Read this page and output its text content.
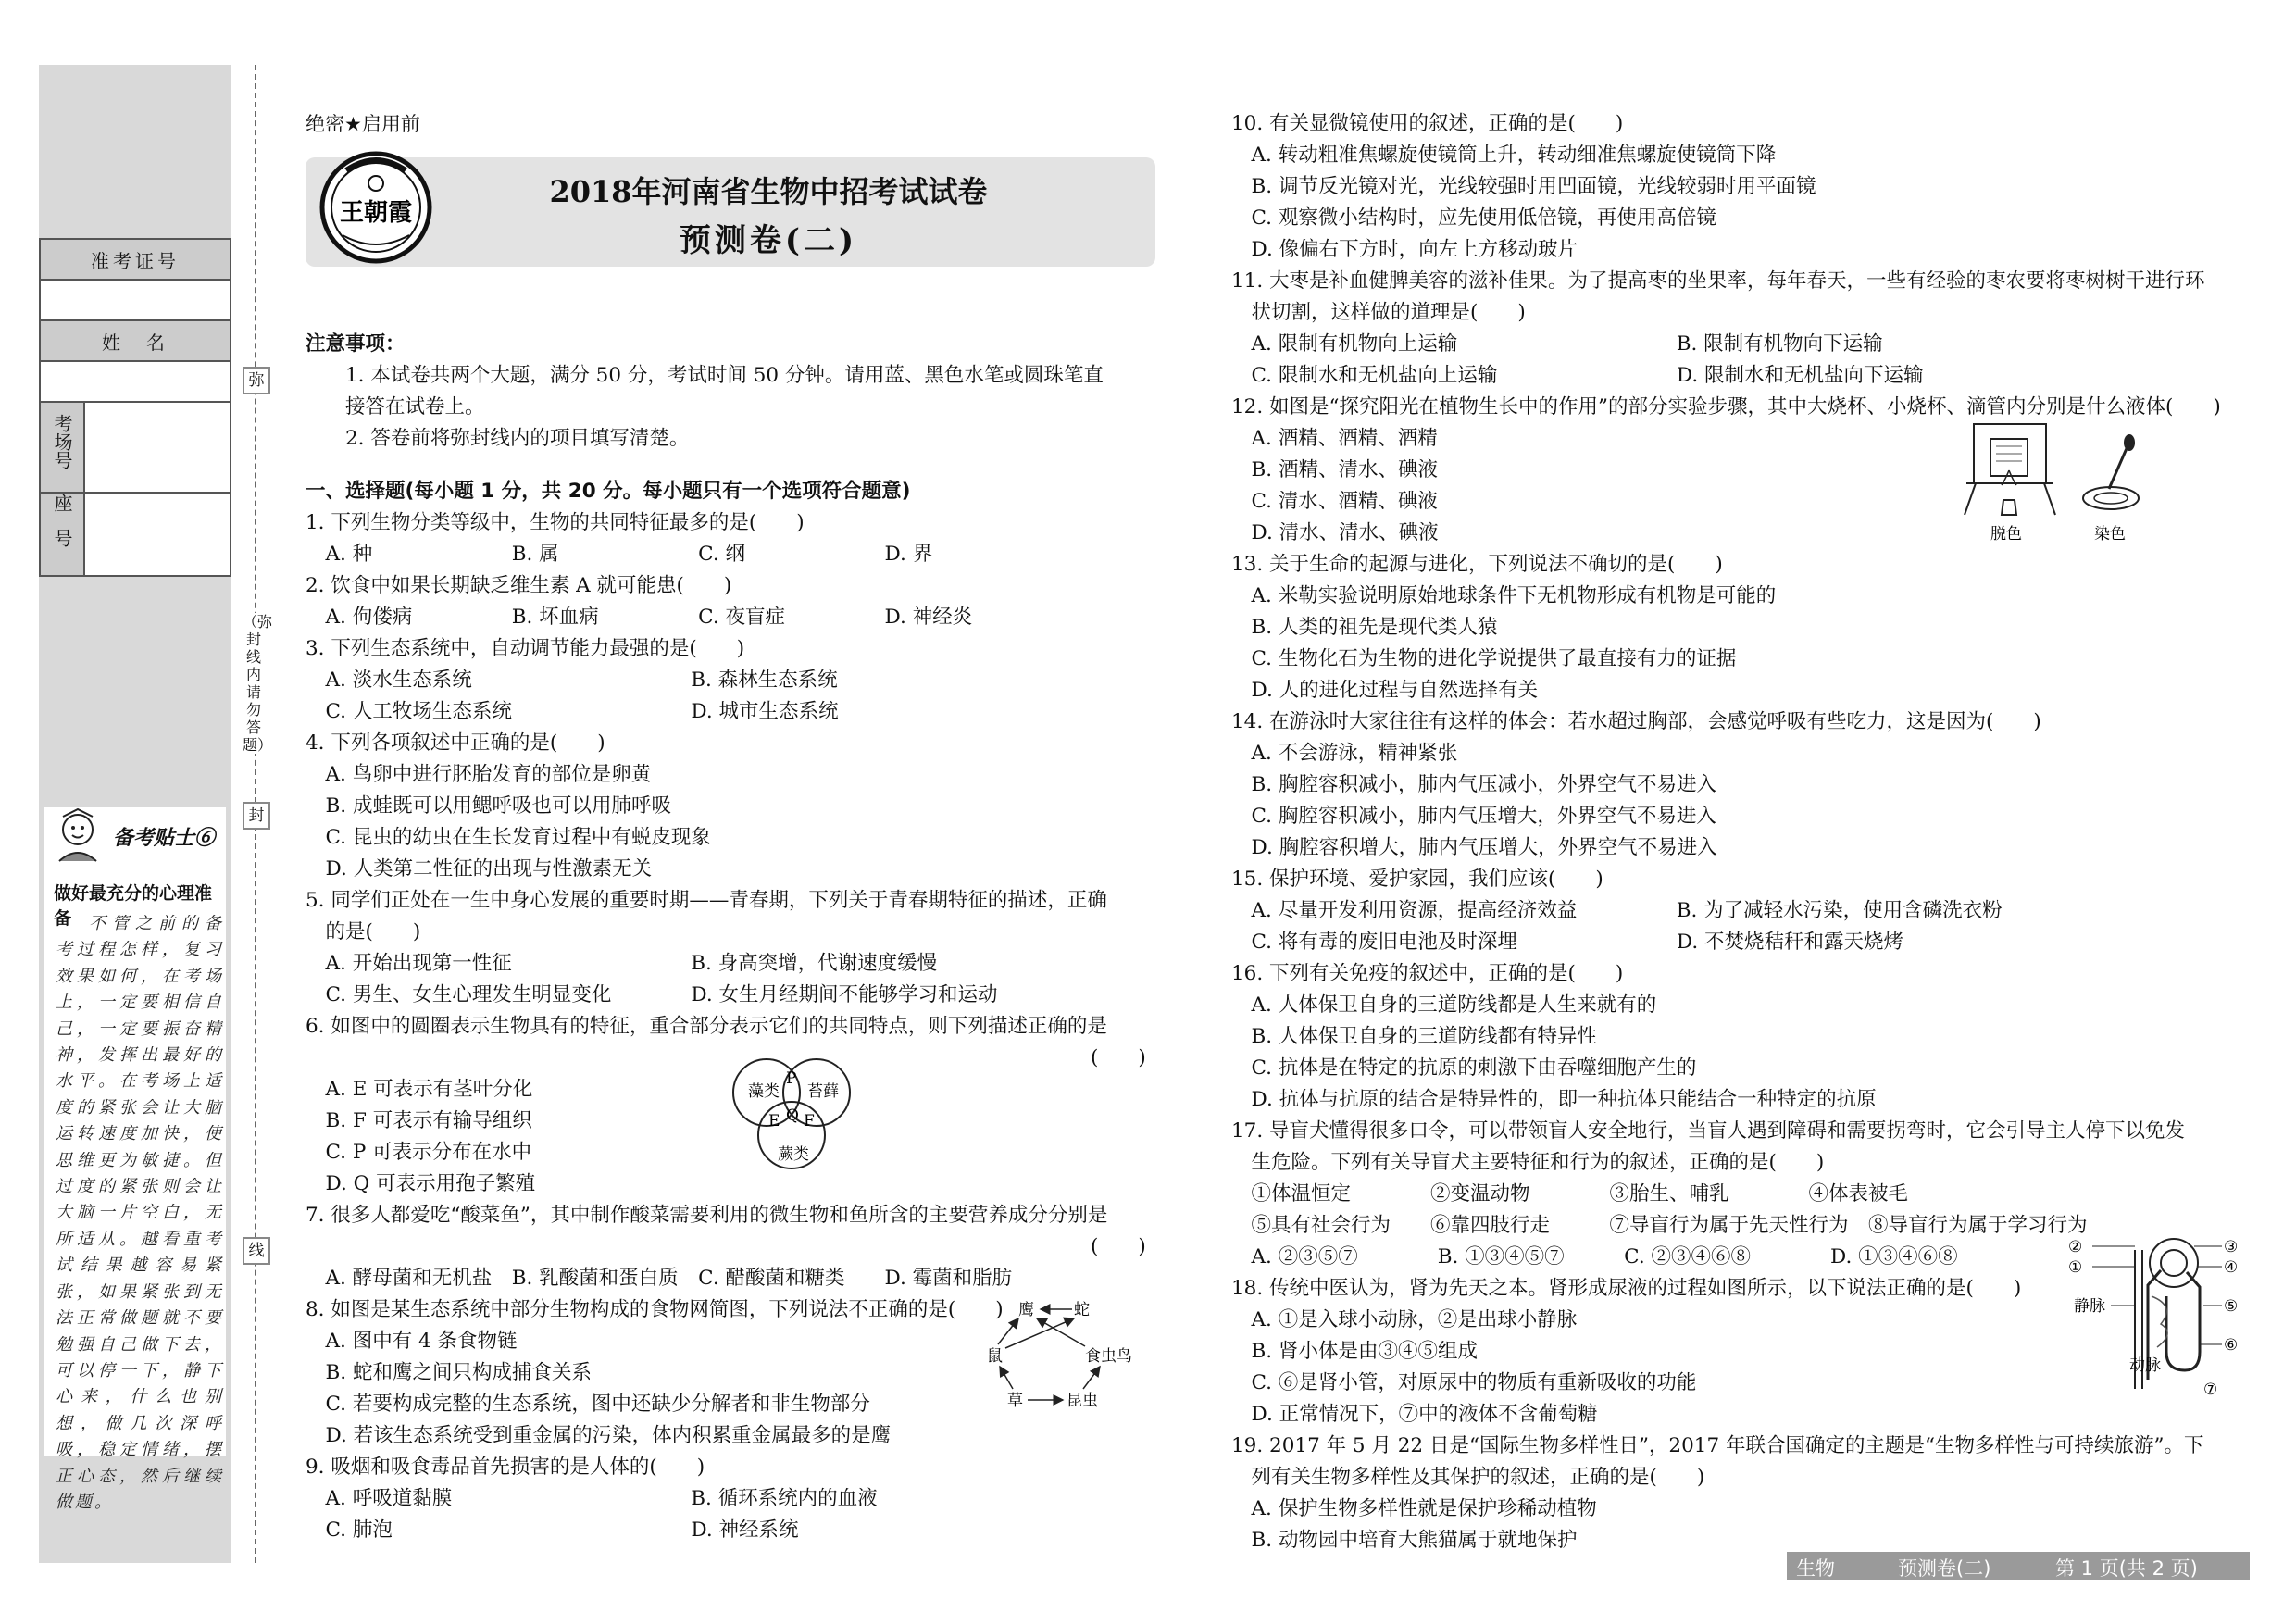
准考证号	

姓　名	

考场号	
座号	
备考贴士⑥
做好最充分的心理准备	不管之前的备考过程怎样，复习效果如何，在考场上，一定要相信自己，一定要振奋精神，发挥出最好的水平。在考场上适度的紧张会让大脑运转速度加快，使思维更为敏捷。但过度的紧张则会让大脑一片空白，无所适从。越看重考试结果越容易紧张，如果紧张到无法正常做题就不要勉强自己做下去，可以停一下，静下心来，什么也别想，做几次深呼吸，稳定情绪，摆正心态，然后继续做题。
弥
封
线
（弥封线内请勿答题）
绝密★启用前
王朝霞
2018年河南省生物中招考试试卷
预测卷(二)
注意事项：
　　1. 本试卷共两个大题，满分 50 分，考试时间 50 分钟。请用蓝、黑色水笔或圆珠笔直
　　接答在试卷上。
　　2. 答卷前将弥封线内的项目填写清楚。
一、选择题(每小题 1 分，共 20 分。每小题只有一个选项符合题意)
1. 下列生物分类等级中，生物的共同特征最多的是(　　)
　A. 种　　　　　　　B. 属　　　　　　　C. 纲　　　　　　　D. 界
2. 饮食中如果长期缺乏维生素 A 就可能患(　　)
　A. 佝偻病　　　　　B. 坏血病　　　　　C. 夜盲症　　　　　D. 神经炎
3. 下列生态系统中，自动调节能力最强的是(　　)
　A. 淡水生态系统　　　　　　　　　　　B. 森林生态系统
　C. 人工牧场生态系统　　　　　　　　　D. 城市生态系统
4. 下列各项叙述中正确的是(　　)
　A. 鸟卵中进行胚胎发育的部位是卵黄
　B. 成蛙既可以用鳃呼吸也可以用肺呼吸
　C. 昆虫的幼虫在生长发育过程中有蜕皮现象
　D. 人类第二性征的出现与性激素无关
5. 同学们正处在一生中身心发展的重要时期——青春期，下列关于青春期特征的描述，正确
　的是(　　)
　A. 开始出现第一性征　　　　　　　　　B. 身高突增，代谢速度缓慢
　C. 男生、女生心理发生明显变化　　　　D. 女生月经期间不能够学习和运动
6. 如图中的圆圈表示生物具有的特征，重合部分表示它们的共同特点，则下列描述正确的是
(　　)
　A. E 可表示有茎叶分化
　B. F 可表示有输导组织
　C. P 可表示分布在水中
　D. Q 可表示用孢子繁殖
7. 很多人都爱吃“酸菜鱼”，其中制作酸菜需要利用的微生物和鱼所含的主要营养成分分别是
(　　)
　A. 酵母菌和无机盐　B. 乳酸菌和蛋白质　C. 醋酸菌和糖类　　D. 霉菌和脂肪
8. 如图是某生态系统中部分生物构成的食物网简图，下列说法不正确的是(　　)
　A. 图中有 4 条食物链
　B. 蛇和鹰之间只构成捕食关系
　C. 若要构成完整的生态系统，图中还缺少分解者和非生物部分
　D. 若该生态系统受到重金属的污染，体内积累重金属最多的是鹰
9. 吸烟和吸食毒品首先损害的是人体的(　　)
　A. 呼吸道黏膜　　　　　　　　　　　　B. 循环系统内的血液
　C. 肺泡　　　　　　　　　　　　　　　D. 神经系统
藻类 苔藓
蕨类
P
E Q F
鹰	蛇
鼠	食虫鸟
草	昆虫
10. 有关显微镜使用的叙述，正确的是(　　)
　A. 转动粗准焦螺旋使镜筒上升，转动细准焦螺旋使镜筒下降
　B. 调节反光镜对光，光线较强时用凹面镜，光线较弱时用平面镜
　C. 观察微小结构时，应先使用低倍镜，再使用高倍镜
　D. 像偏右下方时，向左上方移动玻片
11. 大枣是补血健脾美容的滋补佳果。为了提高枣的坐果率，每年春天，一些有经验的枣农要将枣树树干进行环
　状切割，这样做的道理是(　　)
　A. 限制有机物向上运输　　　　　　　　　　　B. 限制有机物向下运输
　C. 限制水和无机盐向上运输　　　　　　　　　D. 限制水和无机盐向下运输
12. 如图是“探究阳光在植物生长中的作用”的部分实验步骤，其中大烧杯、小烧杯、滴管内分别是什么液体(　　)
　A. 酒精、酒精、酒精
　B. 酒精、清水、碘液
　C. 清水、酒精、碘液
　D. 清水、清水、碘液
13. 关于生命的起源与进化，下列说法不确切的是(　　)
　A. 米勒实验说明原始地球条件下无机物形成有机物是可能的
　B. 人类的祖先是现代类人猿
　C. 生物化石为生物的进化学说提供了最直接有力的证据
　D. 人的进化过程与自然选择有关
14. 在游泳时大家往往有这样的体会：若水超过胸部，会感觉呼吸有些吃力，这是因为(　　)
　A. 不会游泳，精神紧张
　B. 胸腔容积减小，肺内气压减小，外界空气不易进入
　C. 胸腔容积减小，肺内气压增大，外界空气不易进入
　D. 胸腔容积增大，肺内气压增大，外界空气不易进入
15. 保护环境、爱护家园，我们应该(　　)
　A. 尽量开发利用资源，提高经济效益　　　　　B. 为了减轻水污染，使用含磷洗衣粉
　C. 将有毒的废旧电池及时深埋　　　　　　　　D. 不焚烧秸秆和露天烧烤
16. 下列有关免疫的叙述中，正确的是(　　)
　A. 人体保卫自身的三道防线都是人生来就有的
　B. 人体保卫自身的三道防线都有特异性
　C. 抗体是在特定的抗原的刺激下由吞噬细胞产生的
　D. 抗体与抗原的结合是特异性的，即一种抗体只能结合一种特定的抗原
17. 导盲犬懂得很多口令，可以带领盲人安全地行，当盲人遇到障碍和需要拐弯时，它会引导主人停下以免发
　生危险。下列有关导盲犬主要特征和行为的叙述，正确的是(　　)
　①体温恒定　　　　②变温动物　　　　③胎生、哺乳　　　　④体表被毛
　⑤具有社会行为　　⑥靠四肢行走　　　⑦导盲行为属于先天性行为　⑧导盲行为属于学习行为
　A. ②③⑤⑦　　　　B. ①③④⑤⑦　　　C. ②③④⑥⑧　　　　D. ①③④⑥⑧
18. 传统中医认为，肾为先天之本。肾形成尿液的过程如图所示，以下说法正确的是(　　)
　A. ①是入球小动脉，②是出球小静脉
　B. 肾小体是由③④⑤组成
　C. ⑥是肾小管，对原尿中的物质有重新吸收的功能
　D. 正常情况下，⑦中的液体不含葡萄糖
19. 2017 年 5 月 22 日是“国际生物多样性日”，2017 年联合国确定的主题是“生物多样性与可持续旅游”。下
　列有关生物多样性及其保护的叙述，正确的是(　　)
　A. 保护生物多样性就是保护珍稀动植物
　B. 动物园中培育大熊猫属于就地保护
脱色	染色
②
①
③
④
⑤
⑥
⑦
静脉
动脉
生物	预测卷(二)	第 1 页(共 2 页)
